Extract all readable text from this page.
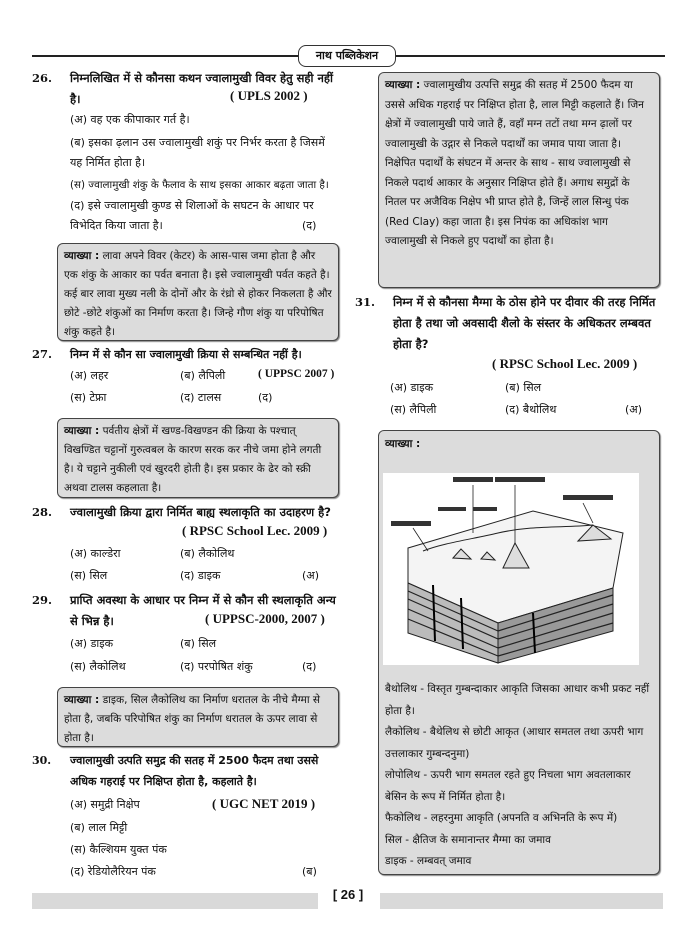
नाथ पब्लिकेशन
26. निम्नलिखित में से कौनसा कथन ज्वालामुखी विवर हेतु सही नहीं है।	( UPLS 2002 )
(अ) वह एक कीपाकार गर्त है।
(ब) इसका ढ़लान उस ज्वालामुखी शकुं पर निर्भर करता है जिसमें यह निर्मित होता है।
(स) ज्वालामुखी शंकु के फैलाव के साथ इसका आकार बढ़ता जाता है।
(द) इसे ज्वालामुखी कुण्ड से शिलाओं के सघटन के आधार पर विभेदित किया जाता है।	(द)
व्याख्या : लावा अपने विवर (केटर) के आस-पास जमा होता है और एक शंकु के आकार का पर्वत बनाता है। इसे ज्वालामुखी पर्वत कहते है। कई बार लावा मुख्य नली के दोनों और के रंध्रो से होकर निकलता है और छोटे -छोटे शंकुओं का निर्माण करता है। जिन्हे गौण शंकु या परिपोषित शंकु कहते है।
27. निम्न में से कौन सा ज्वालामुखी क्रिया से सम्बन्धित नहीं है।
(अ) लहर	(ब) लैपिली	( UPPSC 2007 )
(स) टेफ्रा	(द) टालस	(द)
व्याख्या : पर्वतीय क्षेत्रों में खण्ड-विखण्डन की क्रिया के पश्चात् विखण्डित चट्टानों गुरुत्वबल के कारण सरक कर नीचे जमा होने लगती है। ये चट्टाने नुकीली एवं खुरदरी होती है। इस प्रकार के ढेर को स्क्री अथवा टालस कहलाता है।
28. ज्वालामुखी क्रिया द्वारा निर्मित बाह्य स्थलाकृति का उदाहरण है?
( RPSC School Lec. 2009 )
(अ) काल्डेरा	(ब) लैकोलिथ
(स) सिल	(द) डाइक	(अ)
29. प्राप्ति अवस्था के आधार पर निम्न में से कौन सी स्थलाकृति अन्य से भिन्न है।	( UPPSC-2000, 2007 )
(अ) डाइक	(ब) सिल
(स) लैकोलिथ	(द) परपोषित शंकु	(द)
व्याख्या : डाइक, सिल लैकोलिथ का निर्माण धरातल के नीचे मैग्मा से होता है, जबकि परिपोषित शंकु का निर्माण धरातल के ऊपर लावा से होता है।
30. ज्वालामुखी उत्पति समुद्र की सतह में 2500 फैदम तथा उससे अधिक गहराई पर निक्षिप्त होता है, कहलाते है।
(अ) समुद्री निक्षेप	( UGC NET 2019 )
(ब) लाल मिट्टी
(स) कैल्शियम युक्त पंक
(द) रेडियोलैरियन पंक	(ब)
व्याख्या : ज्वालामुखीय उत्पत्ति समुद्र की सतह में 2500 फैदम या उससे अधिक गहराई पर निक्षिप्त होता है, लाल मिट्टी कहलाते हैं। जिन क्षेत्रों में ज्वालामुखी पाये जाते हैं, वहाँ मग्न तटों तथा मग्न ढ़ालों पर ज्वालामुखी के उद्गार से निकले पदार्थों का जमाव पाया जाता है। निक्षेपित पदार्थों के संघटन में अन्तर के साथ - साथ ज्वालामुखी से निकले पदार्थ आकार के अनुसार निक्षिप्त होते हैं। अगाध समुद्रों के नितल पर अजैविक निक्षेप भी प्राप्त होते है, जिन्हें लाल सिन्धु पंक (Red Clay) कहा जाता है। इस निपंक का अधिकांश भाग ज्वालामुखी से निकले हुए पदार्थों का होता है।
31. निम्न में से कौनसा मैग्मा के ठोस होने पर दीवार की तरह निर्मित होता है तथा जो अवसादी शैलो के संस्तर के अधिकतर लम्बवत होता है?
( RPSC School Lec. 2009 )
(अ) डाइक	(ब) सिल
(स) लैपिली	(द) बैथोलिथ	(अ)
व्याख्या :
बैथोलिथ - विस्तृत गुम्बन्दाकार आकृति जिसका आधार कभी प्रकट नहीं होता है।
लैकोलिथ - बैथेलिथ से छोटी आकृत (आधार समतल तथा ऊपरी भाग उत्तलाकार गुम्बन्दनुमा)
लोपोलिथ - ऊपरी भाग समतल रहते हुए निचला भाग अवतलाकार बेसिन के रूप में निर्मित होता है।
फैकोलिथ - लहरनुमा आकृति (अपनति व अभिनति के रूप में)
सिल - क्षैतिज के समानान्तर मैग्मा का जमाव
डाइक - लम्बवत् जमाव
[ 26 ]
